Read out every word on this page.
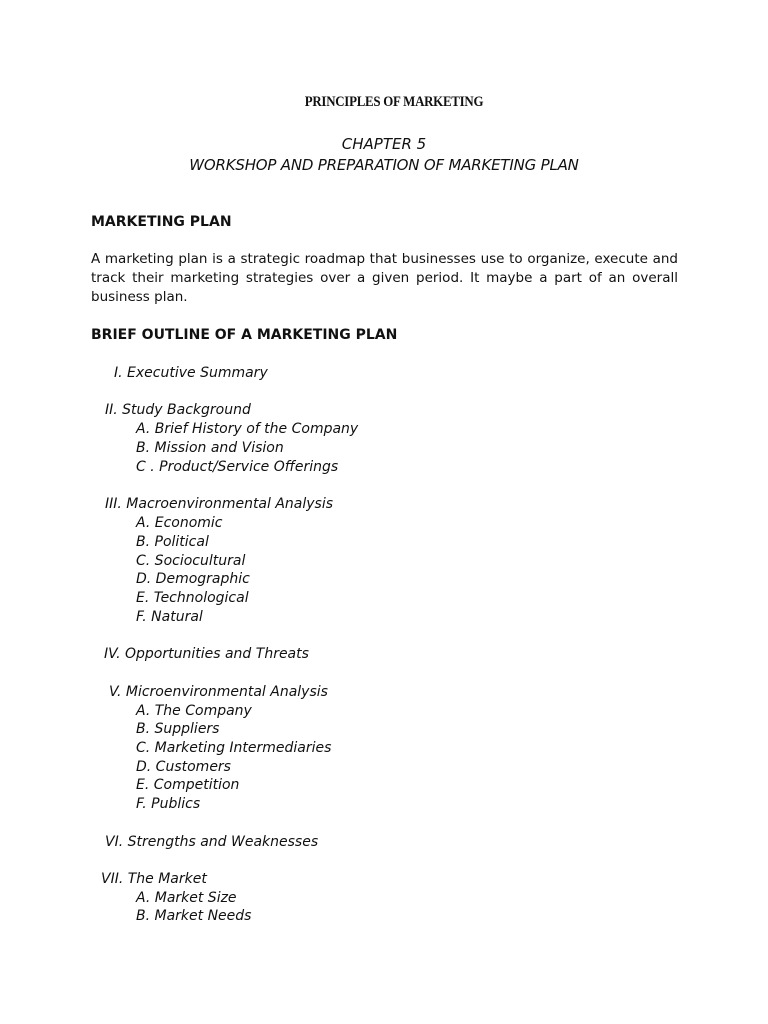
PRINCIPLES OF MARKETING
CHAPTER 5
WORKSHOP AND PREPARATION OF MARKETING PLAN
MARKETING PLAN
A marketing plan is a strategic roadmap that businesses use to organize, execute and track their marketing strategies over a given period. It maybe a part of an overall business plan.
BRIEF OUTLINE OF A MARKETING PLAN
I. Executive Summary
II. Study Background
A. Brief History of the Company
B. Mission and Vision
C . Product/Service Offerings
III. Macroenvironmental Analysis
A. Economic
B. Political
C. Sociocultural
D. Demographic
E. Technological
F. Natural
IV. Opportunities and Threats
V. Microenvironmental Analysis
A. The Company
B. Suppliers
C. Marketing Intermediaries
D. Customers
E. Competition
F. Publics
VI. Strengths and Weaknesses
VII. The Market
A. Market Size
B. Market Needs
